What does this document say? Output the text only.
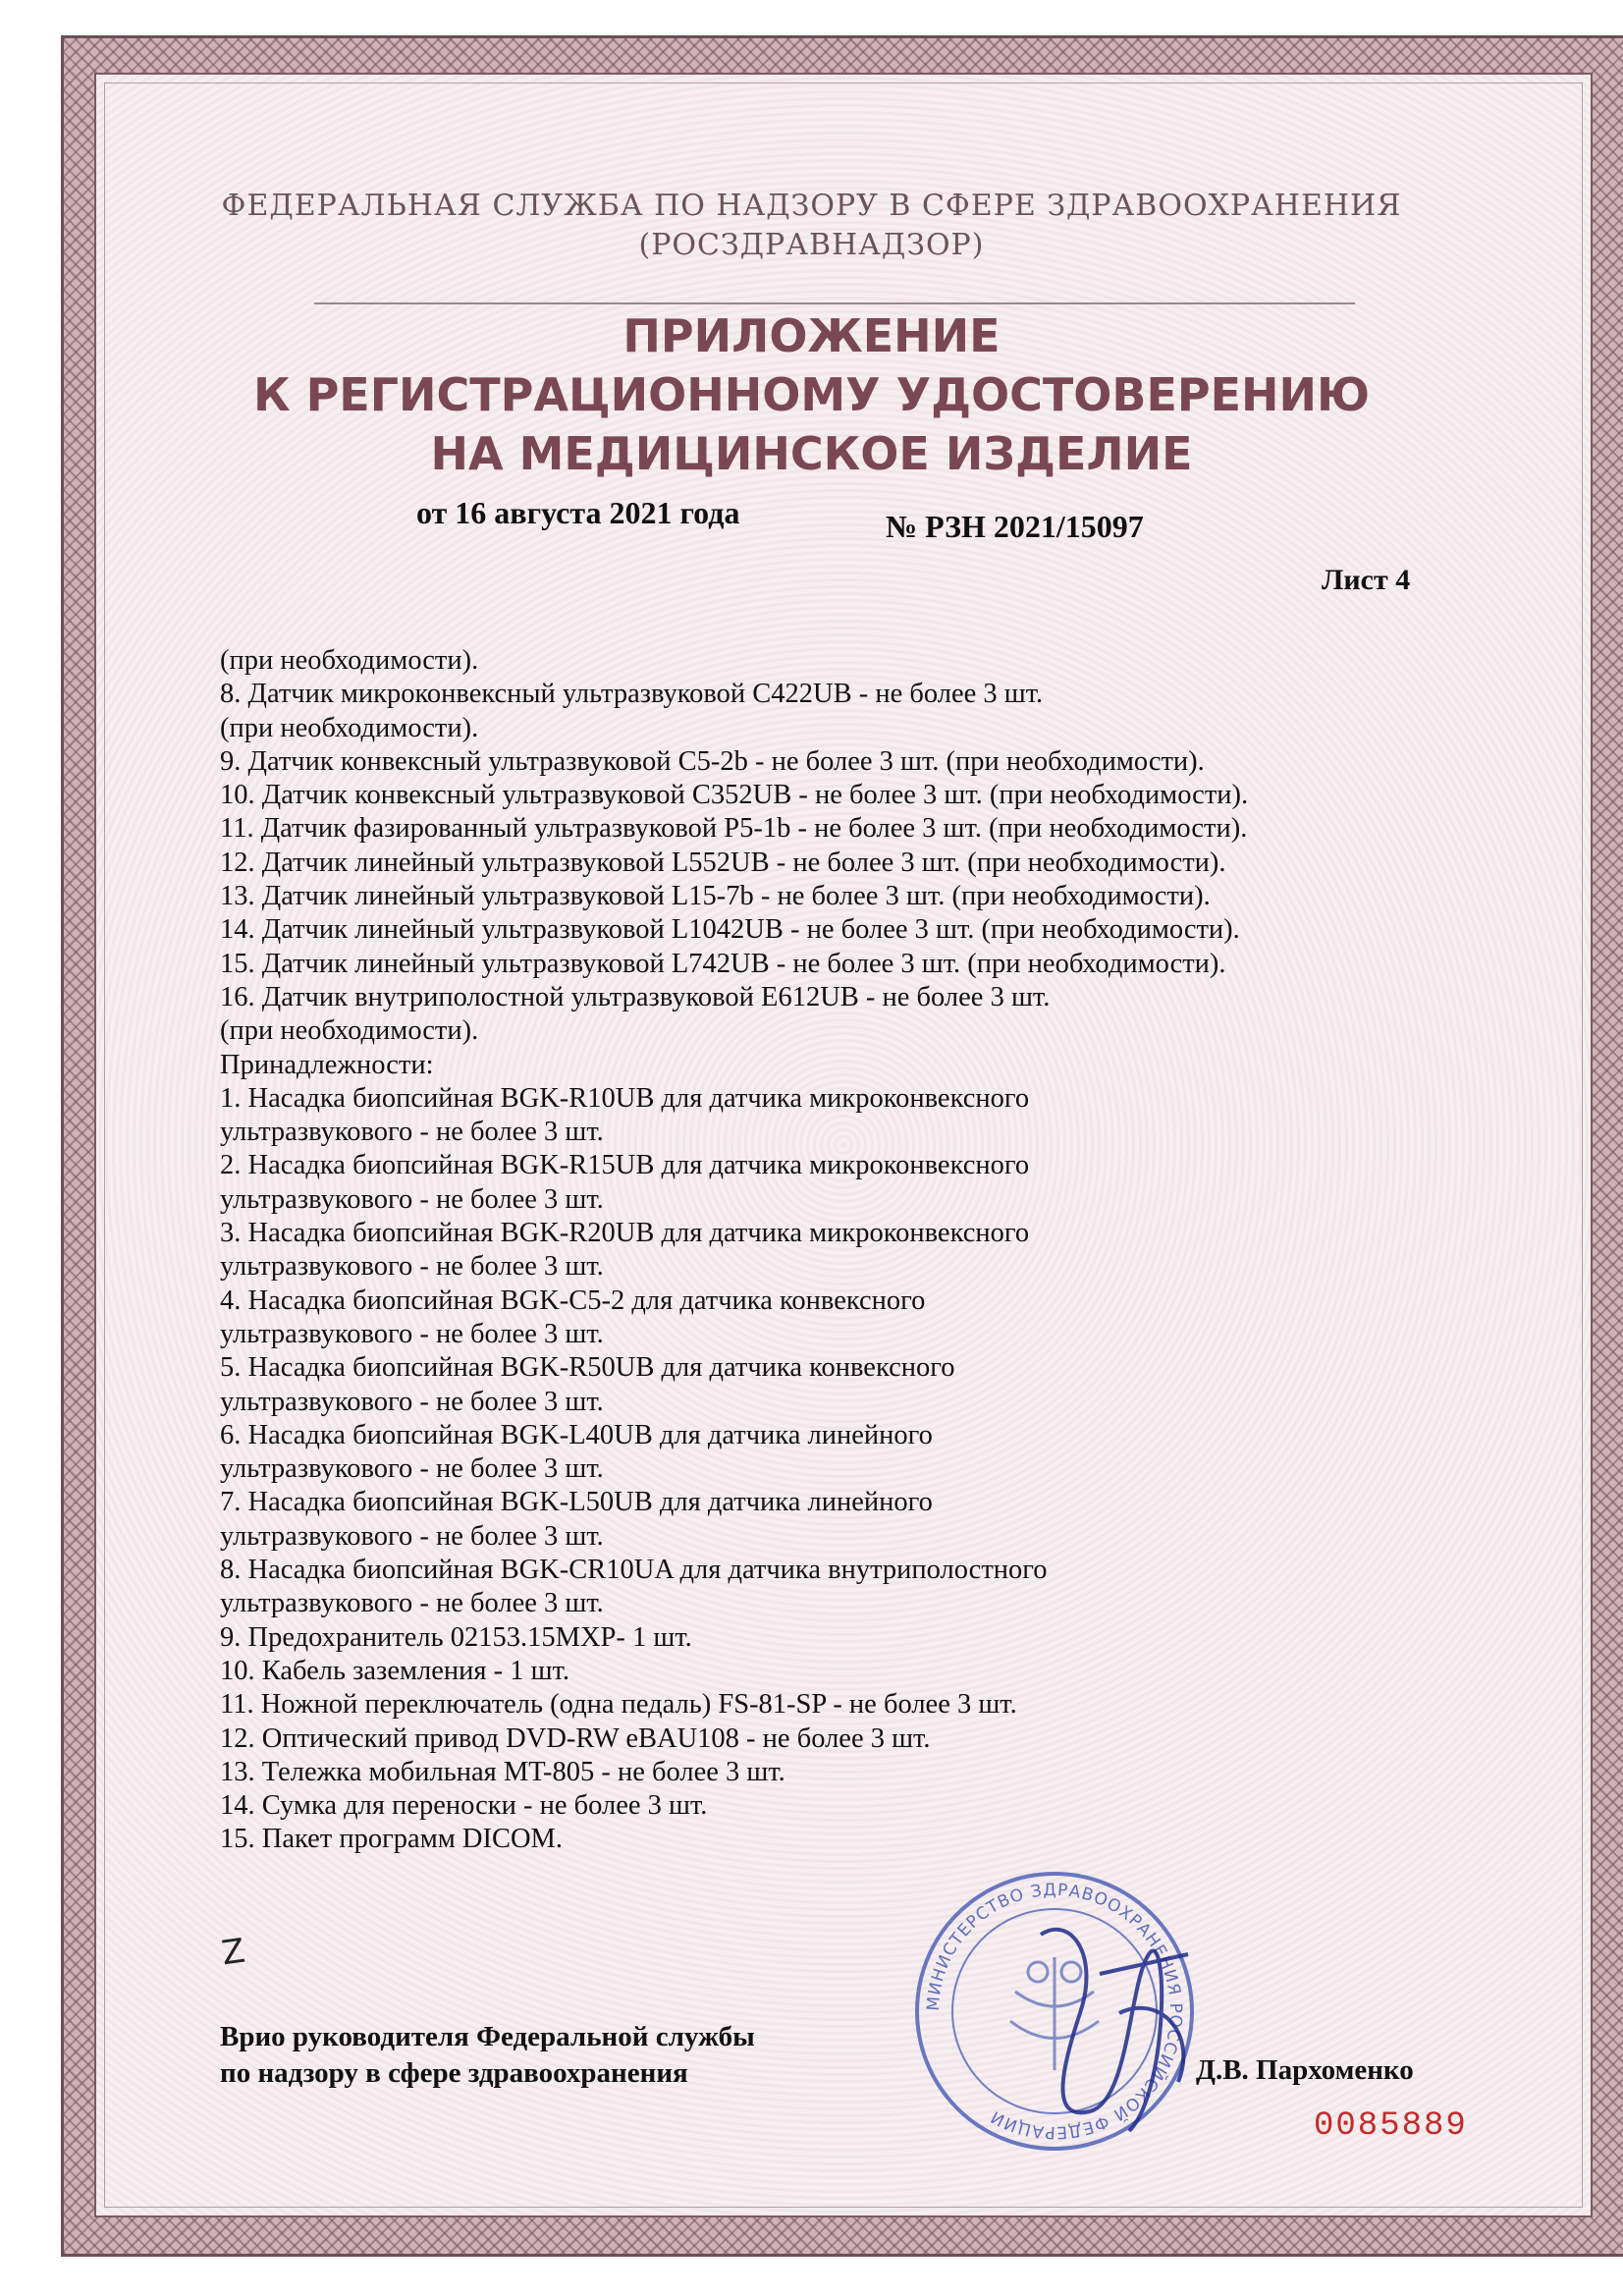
ФЕДЕРАЛЬНАЯ СЛУЖБА ПО НАДЗОРУ В СФЕРЕ ЗДРАВООХРАНЕНИЯ
(РОСЗДРАВНАДЗОР)
ПРИЛОЖЕНИЕ
К РЕГИСТРАЦИОННОМУ УДОСТОВЕРЕНИЮ
НА МЕДИЦИНСКОЕ ИЗДЕЛИЕ
от 16 августа 2021 года	№ РЗН 2021/15097
Лист 4
(при необходимости).
8. Датчик микроконвексный ультразвуковой C422UB - не более 3 шт.
(при необходимости).
9. Датчик конвексный ультразвуковой C5-2b - не более 3 шт. (при необходимости).
10. Датчик конвексный ультразвуковой C352UB - не более 3 шт. (при необходимости).
11. Датчик фазированный ультразвуковой P5-1b - не более 3 шт. (при необходимости).
12. Датчик линейный ультразвуковой L552UB - не более 3 шт. (при необходимости).
13. Датчик линейный ультразвуковой L15-7b - не более 3 шт. (при необходимости).
14. Датчик линейный ультразвуковой L1042UB - не более 3 шт. (при необходимости).
15. Датчик линейный ультразвуковой L742UB - не более 3 шт. (при необходимости).
16. Датчик внутриполостной ультразвуковой E612UB - не более 3 шт.
(при необходимости).
Принадлежности:
1. Насадка биопсийная BGK-R10UB для датчика микроконвексного
ультразвукового - не более 3 шт.
2. Насадка биопсийная BGK-R15UB для датчика микроконвексного
ультразвукового - не более 3 шт.
3. Насадка биопсийная BGK-R20UB для датчика микроконвексного
ультразвукового - не более 3 шт.
4. Насадка биопсийная BGK-C5-2 для датчика конвексного
ультразвукового - не более 3 шт.
5. Насадка биопсийная BGK-R50UB для датчика конвексного
ультразвукового - не более 3 шт.
6. Насадка биопсийная BGK-L40UB для датчика линейного
ультразвукового - не более 3 шт.
7. Насадка биопсийная BGK-L50UB для датчика линейного
ультразвукового - не более 3 шт.
8. Насадка биопсийная BGK-CR10UA для датчика внутриполостного
ультразвукового - не более 3 шт.
9. Предохранитель 02153.15MXP- 1 шт.
10. Кабель заземления - 1 шт.
11. Ножной переключатель (одна педаль) FS-81-SP - не более 3 шт.
12. Оптический привод DVD-RW eBAU108 - не более 3 шт.
13. Тележка мобильная MT-805 - не более 3 шт.
14. Сумка для переноски - не более 3 шт.
15. Пакет программ DICOM.
Z
Врио руководителя Федеральной службы
по надзору в сфере здравоохранения
МИНИСТЕРСТВО ЗДРАВООХРАНЕНИЯ РОССИЙСКОЙ ФЕДЕРАЦИИ
Д.В. Пархоменко
0085889
